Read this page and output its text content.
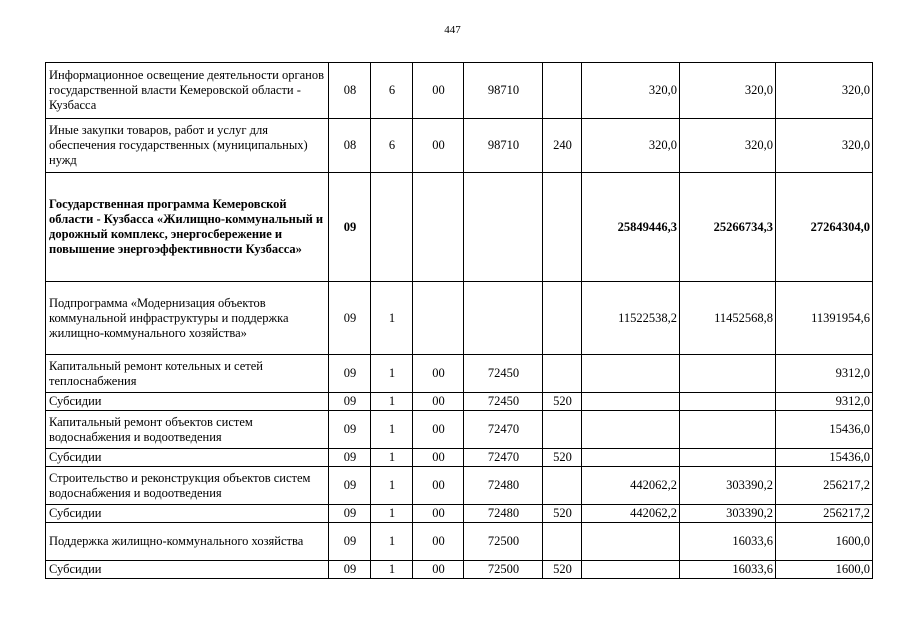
447
Информационное освещение деятельности органов государственной власти Кемеровской области - Кузбасса	08	6	00	98710		320,0	320,0	320,0
Иные закупки товаров, работ и услуг для обеспечения государственных (муниципальных) нужд	08	6	00	98710	240	320,0	320,0	320,0
Государственная программа Кемеровской области - Кузбасса «Жилищно-коммунальный и дорожный комплекс, энергосбережение и повышение энергоэффективности Кузбасса»	09					25849446,3	25266734,3	27264304,0
Подпрограмма «Модернизация объектов коммунальной инфраструктуры и поддержка жилищно-коммунального хозяйства»	09	1				11522538,2	11452568,8	11391954,6
Капитальный ремонт котельных и сетей теплоснабжения	09	1	00	72450				9312,0
Субсидии	09	1	00	72450	520			9312,0
Капитальный ремонт объектов систем водоснабжения и водоотведения	09	1	00	72470				15436,0
Субсидии	09	1	00	72470	520			15436,0
Строительство и реконструкция объектов систем водоснабжения и водоотведения	09	1	00	72480		442062,2	303390,2	256217,2
Субсидии	09	1	00	72480	520	442062,2	303390,2	256217,2
Поддержка жилищно-коммунального хозяйства	09	1	00	72500			16033,6	1600,0
Субсидии	09	1	00	72500	520		16033,6	1600,0
